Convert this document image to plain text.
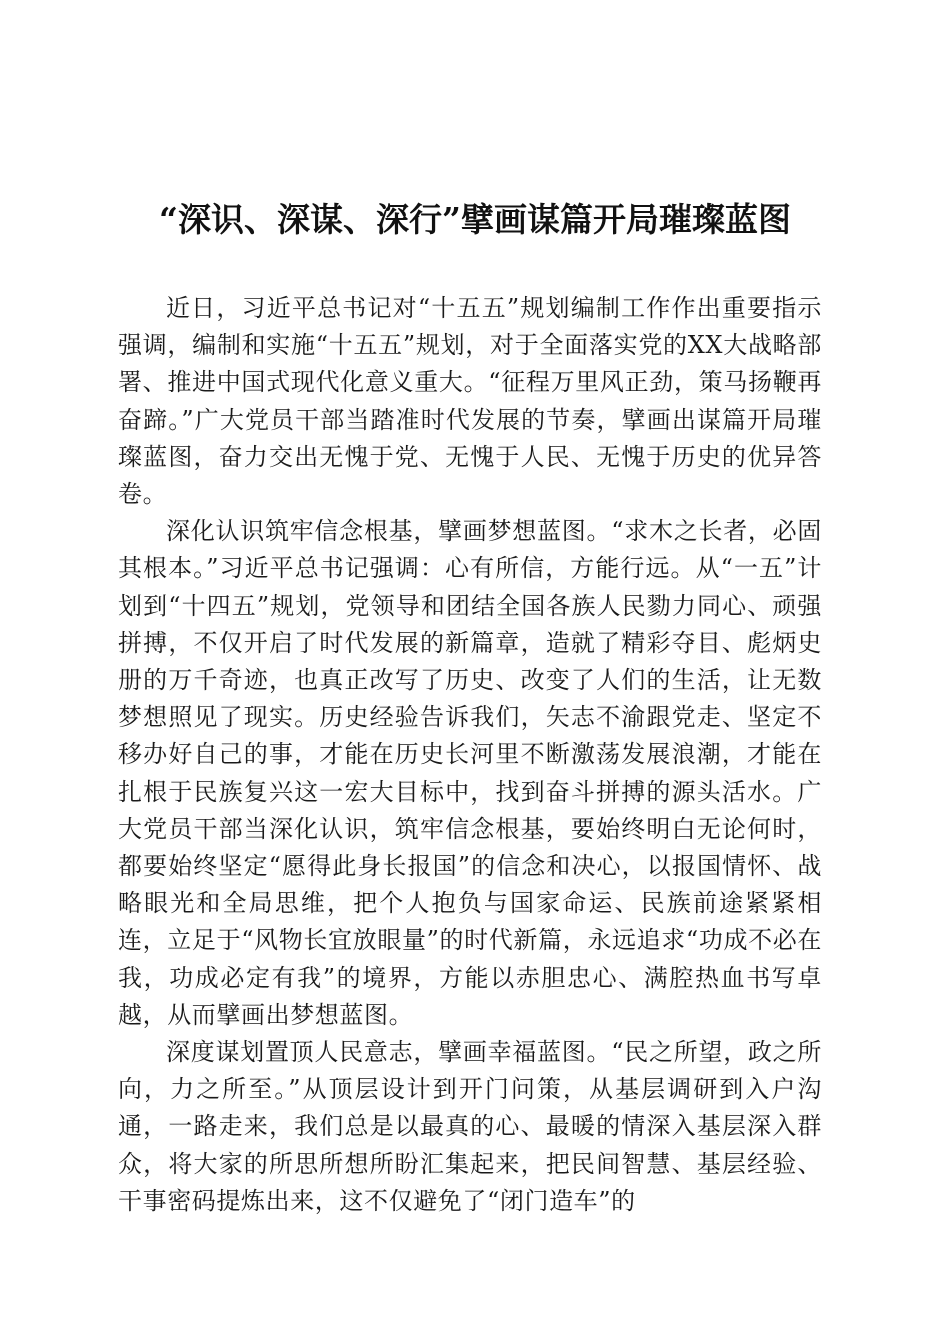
“深识、深谋、深行”擘画谋篇开局璀璨蓝图

近日，习近平总书记对“十五五”规划编制工作作出重要指示强调，编制和实施“十五五”规划，对于全面落实党的XX大战略部署、推进中国式现代化意义重大。“征程万里风正劲，策马扬鞭再奋蹄。”广大党员干部当踏准时代发展的节奏，擘画出谋篇开局璀璨蓝图，奋力交出无愧于党、无愧于人民、无愧于历史的优异答卷。

深化认识筑牢信念根基，擘画梦想蓝图。“求木之长者，必固其根本。”习近平总书记强调：心有所信，方能行远。从“一五”计划到“十四五”规划，党领导和团结全国各族人民勠力同心、顽强拼搏，不仅开启了时代发展的新篇章，造就了精彩夺目、彪炳史册的万千奇迹，也真正改写了历史、改变了人们的生活，让无数梦想照见了现实。历史经验告诉我们，矢志不渝跟党走、坚定不移办好自己的事，才能在历史长河里不断激荡发展浪潮，才能在扎根于民族复兴这一宏大目标中，找到奋斗拼搏的源头活水。广大党员干部当深化认识，筑牢信念根基，要始终明白无论何时，都要始终坚定“愿得此身长报国”的信念和决心，以报国情怀、战略眼光和全局思维，把个人抱负与国家命运、民族前途紧紧相连，立足于“风物长宜放眼量”的时代新篇，永远追求“功成不必在我，功成必定有我”的境界，方能以赤胆忠心、满腔热血书写卓越，从而擘画出梦想蓝图。

深度谋划置顶人民意志，擘画幸福蓝图。“民之所望，政之所向，力之所至。”从顶层设计到开门问策，从基层调研到入户沟通，一路走来，我们总是以最真的心、最暖的情深入基层深入群众，将大家的所思所想所盼汇集起来，把民间智慧、基层经验、干事密码提炼出来，这不仅避免了“闭门造车”的
